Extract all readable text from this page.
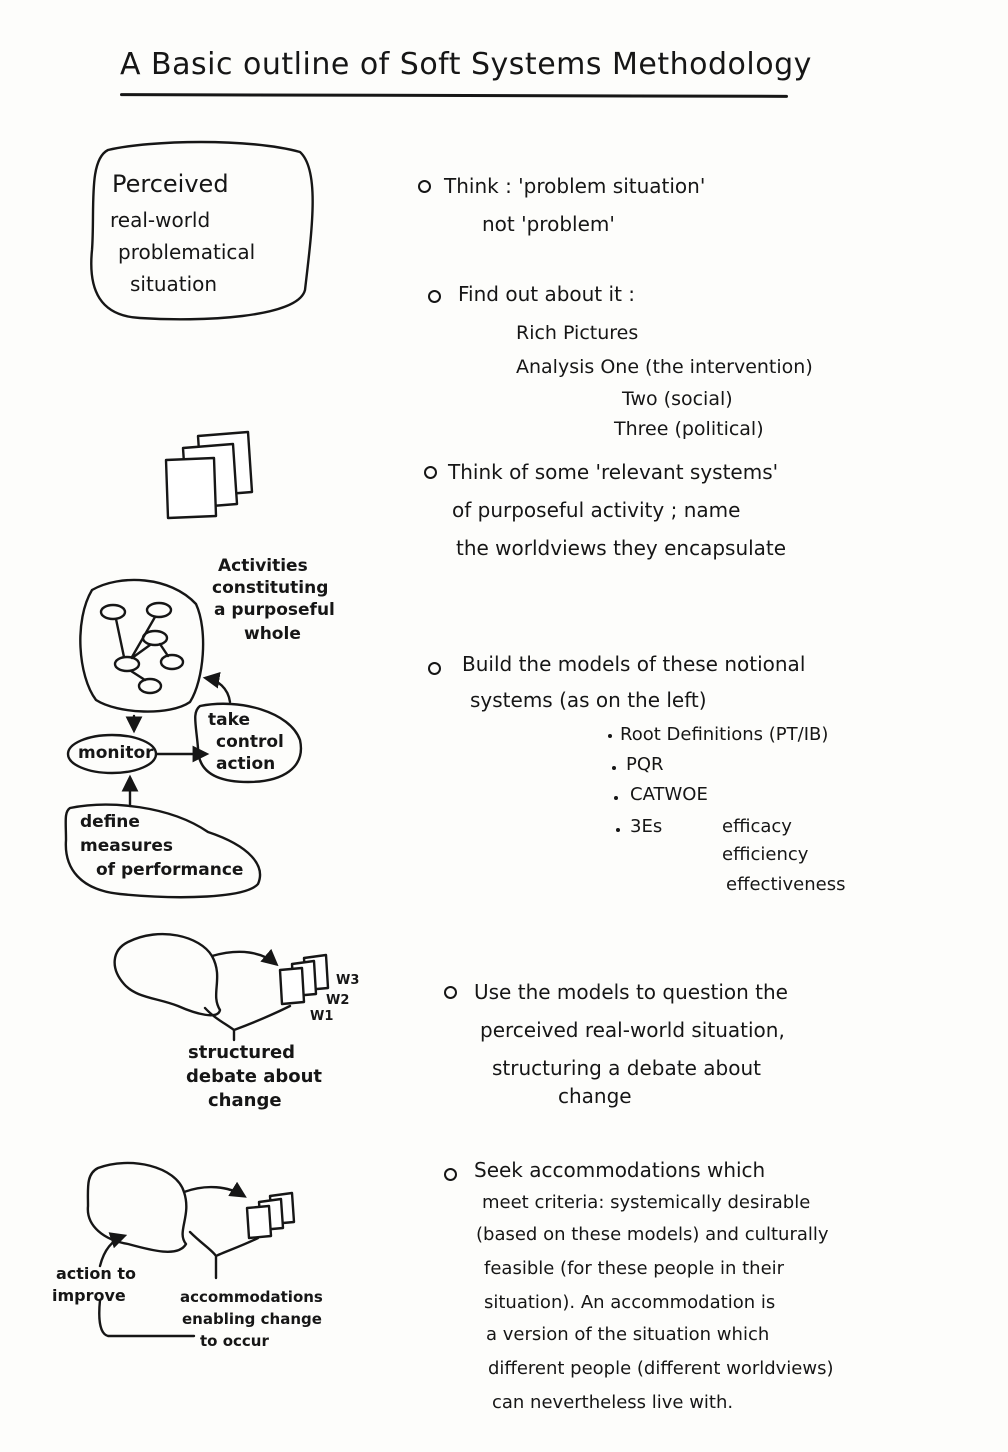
A Basic outline of Soft Systems Methodology
Perceived
real-world
problematical
situation
Activities
constituting
a purposeful
whole
monitor
take
control
action
define
measures
of performance
W3
W2
W1
structured
debate about
change
action to
improve	accommodations
enabling change
to occur
Think : 'problem situation'
not 'problem'
Find out about it :
Rich Pictures
Analysis One (the intervention)
Two (social)
Three (political)
Think of some 'relevant systems'
of purposeful activity ; name
the worldviews they encapsulate
Build the models of these notional
systems (as on the left)
Root Definitions (PT/IB)
PQR
CATWOE
3Es	efficacy
efficiency
effectiveness
Use the models to question the
perceived real-world situation,
structuring a debate about
change
Seek accommodations which
meet criteria: systemically desirable
(based on these models) and culturally
feasible (for these people in their
situation). An accommodation is
a version of the situation which
different people (different worldviews)
can nevertheless live with.
